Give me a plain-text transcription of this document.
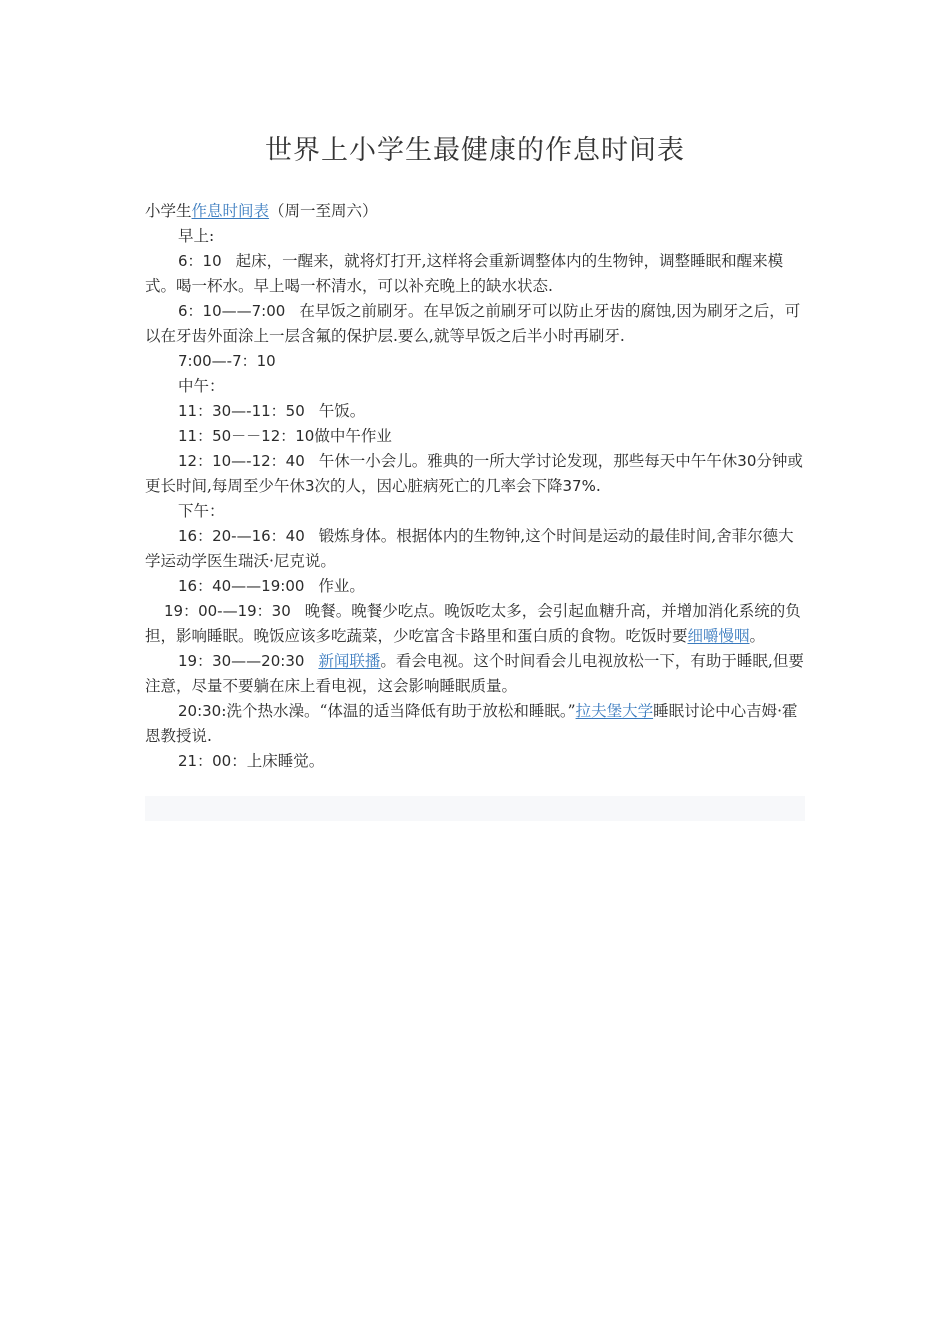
世界上小学生最健康的作息时间表

小学生作息时间表（周一至周六）

早上:

6：10 起床，一醒来，就将灯打开,这样将会重新调整体内的生物钟，调整睡眠和醒来模式。喝一杯水。早上喝一杯清水，可以补充晚上的缺水状态.

6：10——7:00 在早饭之前刷牙。在早饭之前刷牙可以防止牙齿的腐蚀,因为刷牙之后，可以在牙齿外面涂上一层含氟的保护层.要么,就等早饭之后半小时再刷牙.

7:00—-7：10

中午：

11：30—-11：50 午饭。

11：50－－12：10做中午作业

12：10—-12：40 午休一小会儿。雅典的一所大学讨论发现，那些每天中午午休30分钟或更长时间,每周至少午休3次的人，因心脏病死亡的几率会下降37%.

下午：

16：20-—16：40 锻炼身体。根据体内的生物钟,这个时间是运动的最佳时间,舍菲尔德大学运动学医生瑞沃·尼克说。

16：40——19:00 作业。

19：00-—19：30 晚餐。晚餐少吃点。晚饭吃太多，会引起血糖升高，并增加消化系统的负担，影响睡眠。晚饭应该多吃蔬菜，少吃富含卡路里和蛋白质的食物。吃饭时要细嚼慢咽。

19：30——20:30 新闻联播。看会电视。这个时间看会儿电视放松一下，有助于睡眠,但要注意，尽量不要躺在床上看电视，这会影响睡眠质量。

20:30:洗个热水澡。“体温的适当降低有助于放松和睡眠。”拉夫堡大学睡眠讨论中心吉姆·霍恩教授说.

21：00：上床睡觉。
